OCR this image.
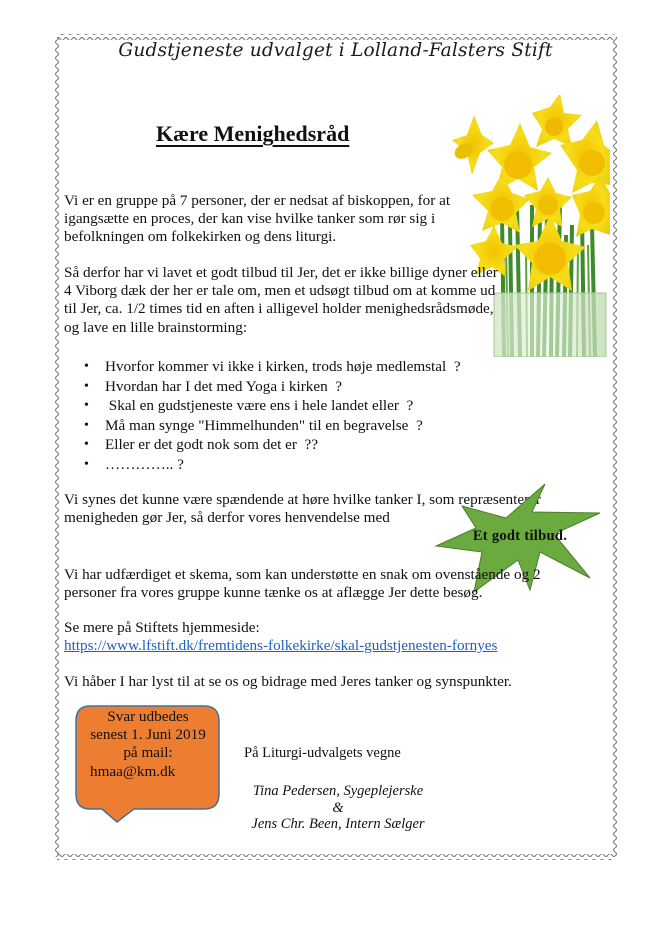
Gudstjeneste udvalget i Lolland-Falsters Stift
Kære Menighedsråd
Vi er en gruppe på 7 personer, der er nedsat af biskoppen, for at
igangsætte en proces, der kan vise hvilke tanker som rør sig i
befolkningen om folkekirken og dens liturgi.
Så derfor har vi lavet et godt tilbud til Jer, det er ikke billige dyner eller
4 Viborg dæk der her er tale om, men et udsøgt tilbud om at komme ud
til Jer, ca. 1/2 times tid en aften i alligevel holder menighedsrådsmøde,
og lave en lille brainstorming:
• Hvorfor kommer vi ikke i kirken, trods høje medlemstal  ?
• Hvordan har I det med Yoga i kirken  ?
• Skal en gudstjeneste være ens i hele landet eller  ?
• Må man synge "Himmelhunden" til en begravelse  ?
• Eller er det godt nok som det er  ??
• ………….. ?
Vi synes det kunne være spændende at høre hvilke tanker I, som repræsenterer
menigheden gør Jer, så derfor vores henvendelse med
Et godt tilbud.
Vi har udfærdiget et skema, som kan understøtte en snak om ovenstående og 2
personer fra vores gruppe kunne tænke os at aflægge Jer dette besøg.
Se mere på Stiftets hjemmeside:
https://www.lfstift.dk/fremtidens-folkekirke/skal-gudstjenesten-fornyes
Vi håber I har lyst til at se os og bidrage med Jeres tanker og synspunkter.
Svar udbedes
senest 1. Juni 2019
på mail:
hmaa@km.dk
På Liturgi-udvalgets vegne
Tina Pedersen, Sygeplejerske
&
Jens Chr. Been, Intern Sælger
